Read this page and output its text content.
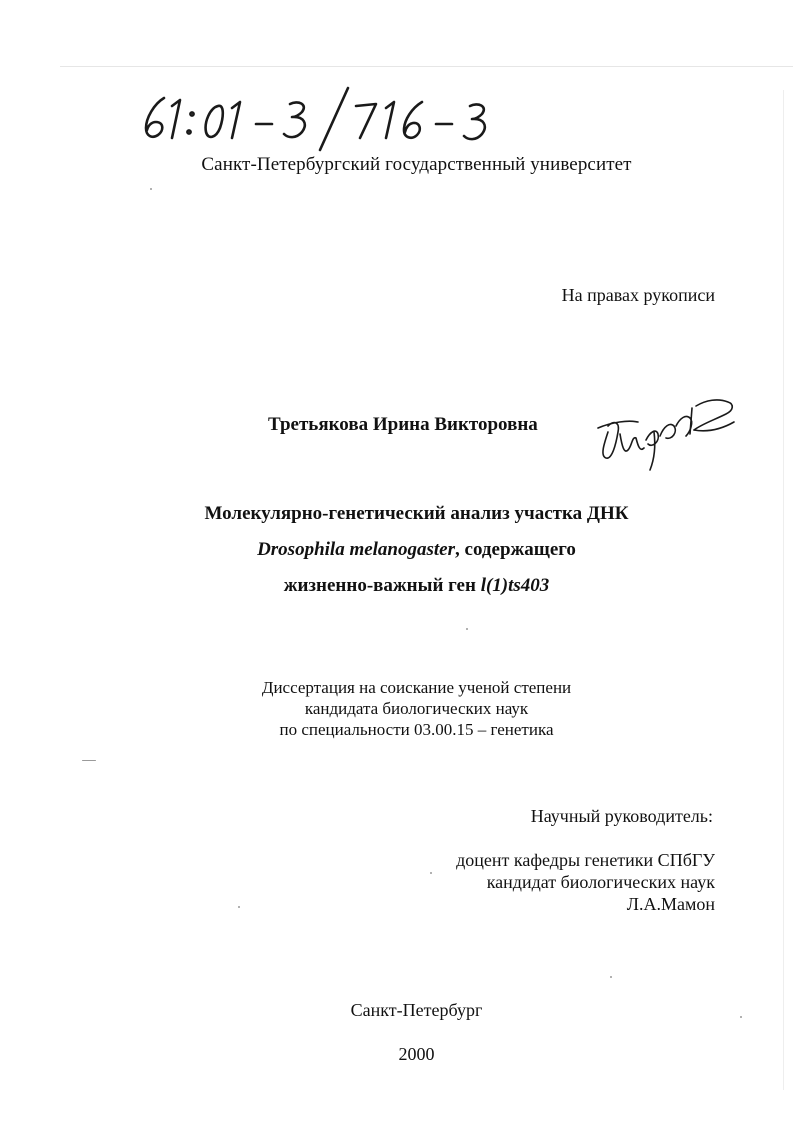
Санкт-Петербургский государственный университет
На правах рукописи
Третьякова Ирина Викторовна
Молекулярно-генетический анализ участка ДНК
Drosophila melanogaster, содержащего
жизненно-важный ген l(1)ts403
Диссертация на соискание ученой степени
кандидата биологических наук
по специальности 03.00.15 – генетика
Научный руководитель:
доцент кафедры генетики СПбГУ
кандидат биологических наук
Л.А.Мамон
Санкт-Петербург
2000
